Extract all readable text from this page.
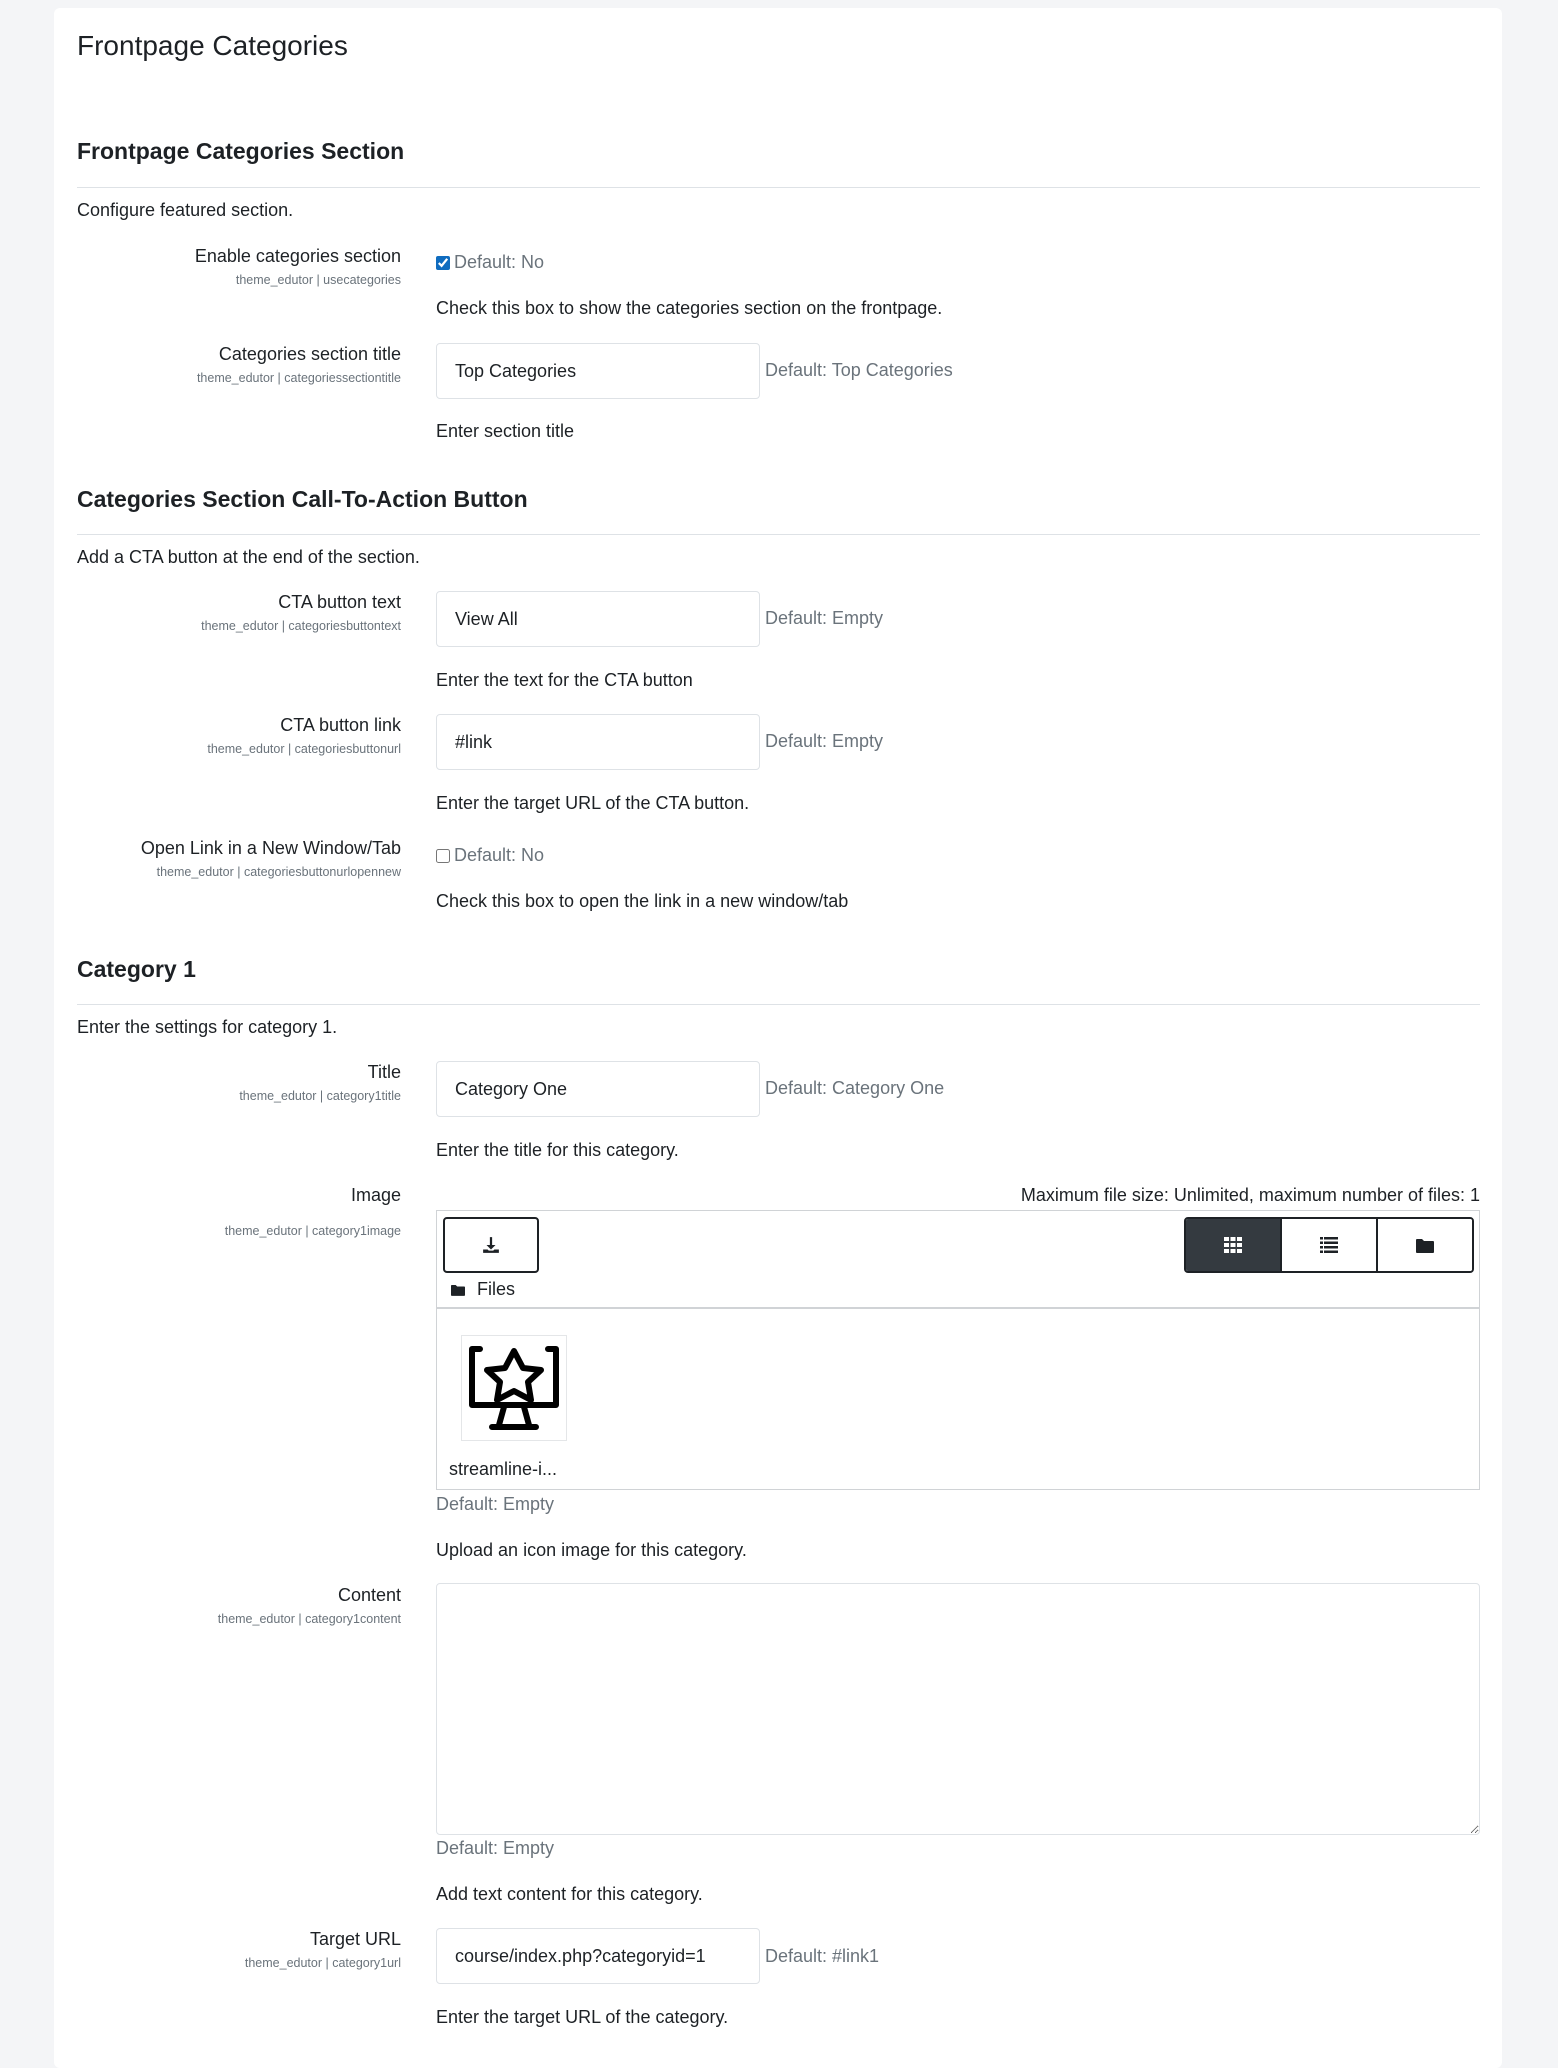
Frontpage Categories
Frontpage Categories Section
Configure featured section.
Enable categories section
theme_edutor | usecategories
Default: No
Check this box to show the categories section on the frontpage.
Categories section title
theme_edutor | categoriessectiontitle
Top Categories	Default: Top Categories
Enter section title
Categories Section Call-To-Action Button
Add a CTA button at the end of the section.
CTA button text
theme_edutor | categoriesbuttontext
View All	Default: Empty
Enter the text for the CTA button
CTA button link
theme_edutor | categoriesbuttonurl
#link	Default: Empty
Enter the target URL of the CTA button.
Open Link in a New Window/Tab
theme_edutor | categoriesbuttonurlopennew
Default: No
Check this box to open the link in a new window/tab
Category 1
Enter the settings for category 1.
Title
theme_edutor | category1title
Category One	Default: Category One
Enter the title for this category.
Image
theme_edutor | category1image
Maximum file size: Unlimited, maximum number of files: 1
Files
streamline-i...
Default: Empty
Upload an icon image for this category.
Content
theme_edutor | category1content
Default: Empty
Add text content for this category.
Target URL
theme_edutor | category1url
course/index.php?categoryid=1	Default: #link1
Enter the target URL of the category.
